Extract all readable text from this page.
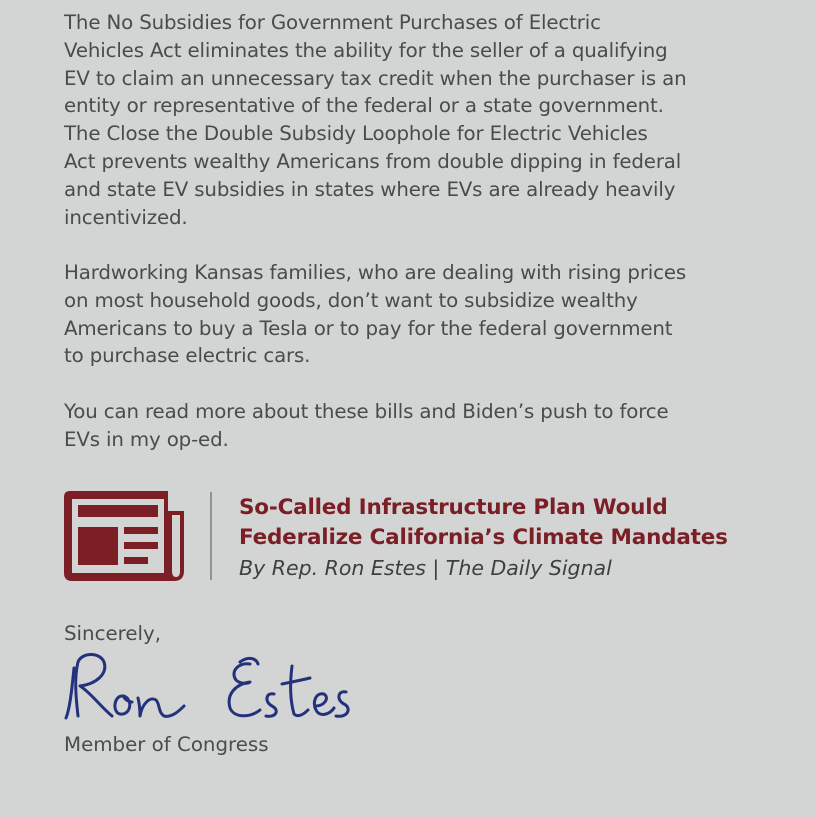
The No Subsidies for Government Purchases of Electric
Vehicles Act eliminates the ability for the seller of a qualifying
EV to claim an unnecessary tax credit when the purchaser is an
entity or representative of the federal or a state government.
The Close the Double Subsidy Loophole for Electric Vehicles
Act prevents wealthy Americans from double dipping in federal
and state EV subsidies in states where EVs are already heavily
incentivized.

Hardworking Kansas families, who are dealing with rising prices
on most household goods, don’t want to subsidize wealthy
Americans to buy a Tesla or to pay for the federal government
to purchase electric cars.

You can read more about these bills and Biden’s push to force
EVs in my op-ed.

So-Called Infrastructure Plan Would
Federalize California’s Climate Mandates
By Rep. Ron Estes | The Daily Signal
Sincerely,
Member of Congress
